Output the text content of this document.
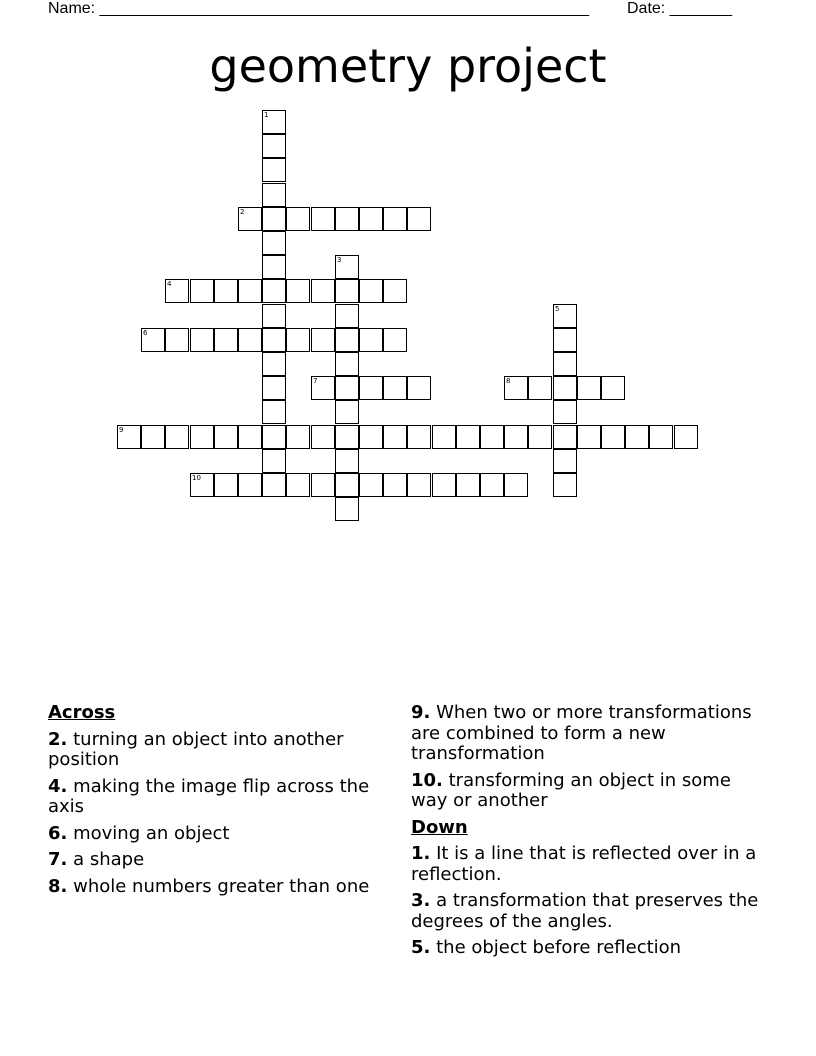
Name: _______________________________________________________ Date: _______
geometry project
1
2
3
4
5
6
7	8
9
10
Across
2. turning an object into another position
4. making the image flip across the axis
6. moving an object
7. a shape
8. whole numbers greater than one
9. When two or more transformations are combined to form a new transformation
10. transforming an object in some way or another
Down
1. It is a line that is reflected over in a reflection.
3. a transformation that preserves the degrees of the angles.
5. the object before reflection
